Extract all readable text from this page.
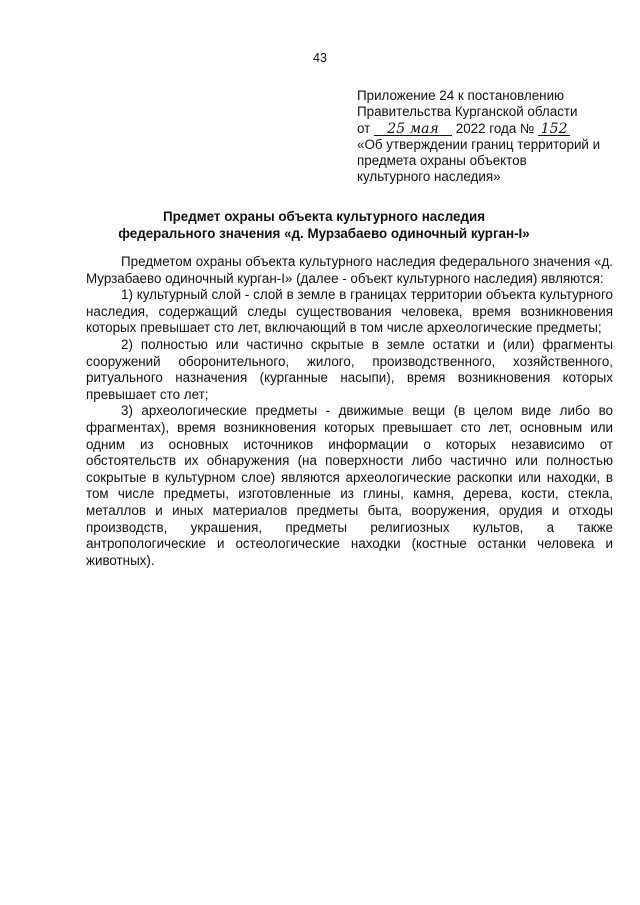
43
Приложение 24 к постановлению
Правительства Курганской области
от 25 мая 2022 года № 152
«Об утверждении границ территорий и
предмета охраны объектов
культурного наследия»
Предмет охраны объекта культурного наследия
федерального значения «д. Мурзабаево одиночный курган-I»

Предметом охраны объекта культурного наследия федерального значения «д. Мурзабаево одиночный курган-I» (далее - объект культурного наследия) являются:

1) культурный слой - слой в земле в границах территории объекта культурного наследия, содержащий следы существования человека, время возникновения которых превышает сто лет, включающий в том числе археологические предметы;

2) полностью или частично скрытые в земле остатки и (или) фрагменты сооружений оборонительного, жилого, производственного, хозяйственного, ритуального назначения (курганные насыпи), время возникновения которых превышает сто лет;

3) археологические предметы - движимые вещи (в целом виде либо во фрагментах), время возникновения которых превышает сто лет, основным или одним из основных источников информации о которых независимо от обстоятельств их обнаружения (на поверхности либо частично или полностью сокрытые в культурном слое) являются археологические раскопки или находки, в том числе предметы, изготовленные из глины, камня, дерева, кости, стекла, металлов и иных материалов предметы быта, вооружения, орудия и отходы производств, украшения, предметы религиозных культов, а также антропологические и остеологические находки (костные останки человека и животных).
